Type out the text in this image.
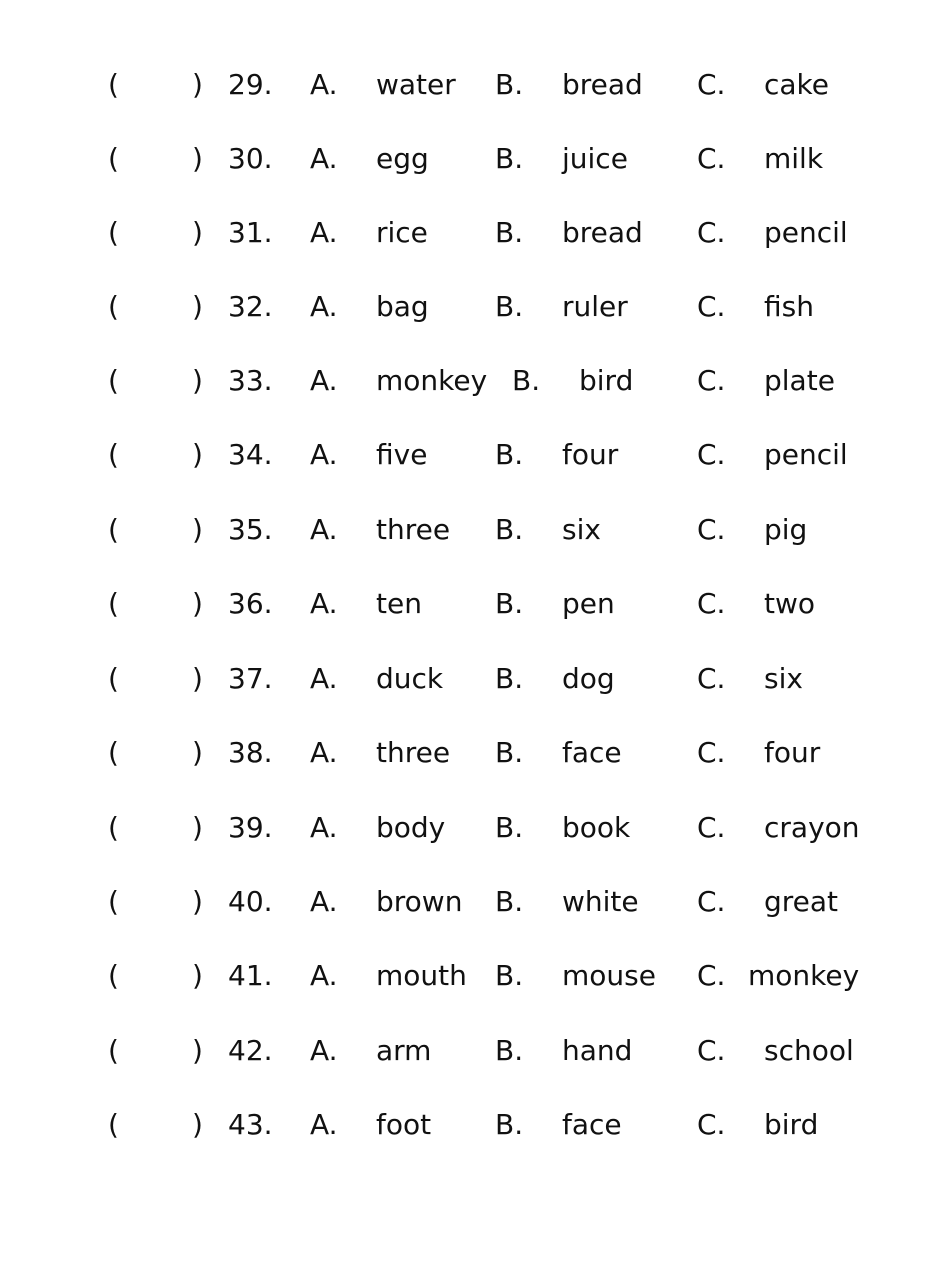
(	) 29. A. water B. bread C. cake
(	) 30. A. egg B. juice C. milk
(	) 31. A. rice B. bread C. pencil
(	) 32. A. bag B. ruler C. fish
(	) 33. A. monkey B. bird C. plate
(	) 34. A. five B. four	C. pencil
(	) 35. A. three B. six	C. pig
(	) 36. A. ten	B. pen	C. two
(	) 37. A. duck B. dog	C. six
(	) 38. A. three B. face	C. four
(	) 39. A. body B. book C. crayon
(	) 40. A. brown B. white C. great
(	) 41. A. mouth B. mouse C. monkey
(	) 42. A. arm B. hand C. school
(	) 43. A. foot B. face	C. bird
